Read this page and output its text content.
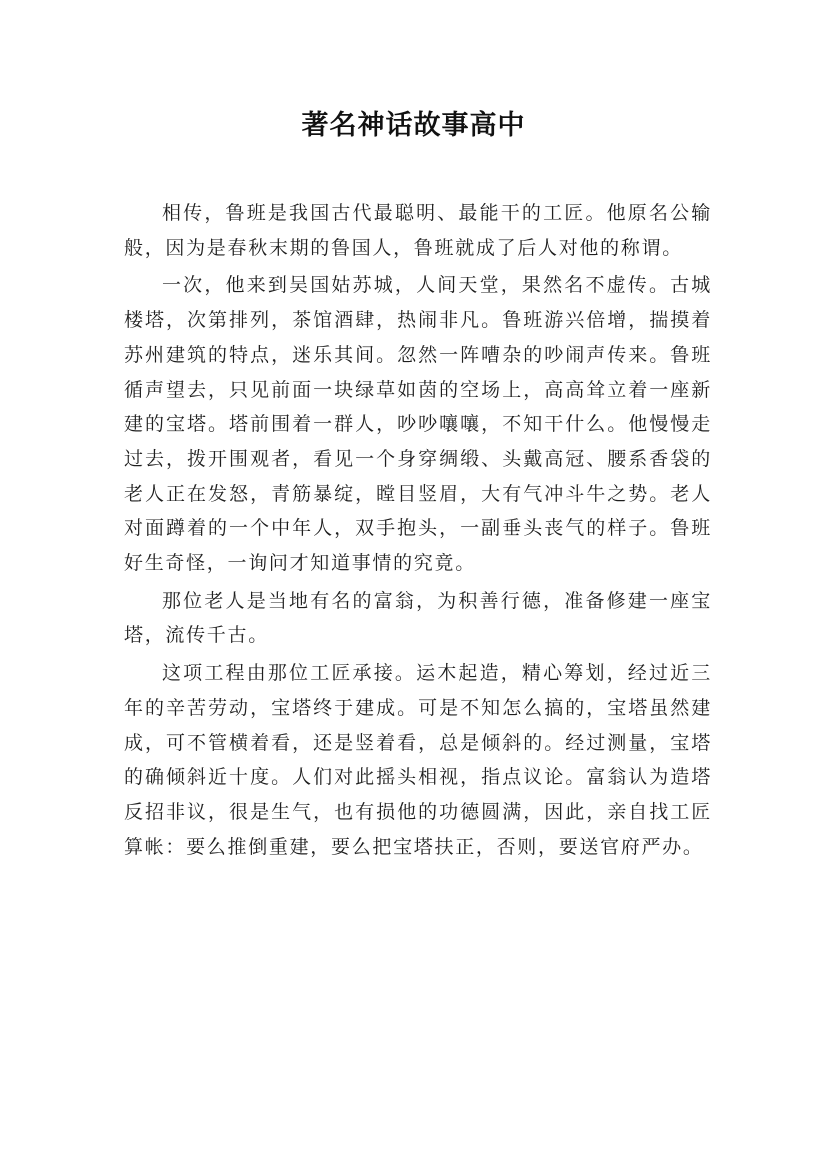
著名神话故事高中

相传，鲁班是我国古代最聪明、最能干的工匠。他原名公输般，因为是春秋末期的鲁国人，鲁班就成了后人对他的称谓。

一次，他来到吴国姑苏城，人间天堂，果然名不虚传。古城楼塔，次第排列，茶馆酒肆，热闹非凡。鲁班游兴倍增，揣摸着苏州建筑的特点，迷乐其间。忽然一阵嘈杂的吵闹声传来。鲁班循声望去，只见前面一块绿草如茵的空场上，高高耸立着一座新建的宝塔。塔前围着一群人，吵吵嚷嚷，不知干什么。他慢慢走过去，拨开围观者，看见一个身穿绸缎、头戴高冠、腰系香袋的老人正在发怒，青筋暴绽，瞠目竖眉，大有气冲斗牛之势。老人对面蹲着的一个中年人，双手抱头，一副垂头丧气的样子。鲁班好生奇怪，一询问才知道事情的究竟。

那位老人是当地有名的富翁，为积善行德，准备修建一座宝塔，流传千古。

这项工程由那位工匠承接。运木起造，精心筹划，经过近三年的辛苦劳动，宝塔终于建成。可是不知怎么搞的，宝塔虽然建成，可不管横着看，还是竖着看，总是倾斜的。经过测量，宝塔的确倾斜近十度。人们对此摇头相视，指点议论。富翁认为造塔反招非议，很是生气，也有损他的功德圆满，因此，亲自找工匠算帐：要么推倒重建，要么把宝塔扶正，否则，要送官府严办。
